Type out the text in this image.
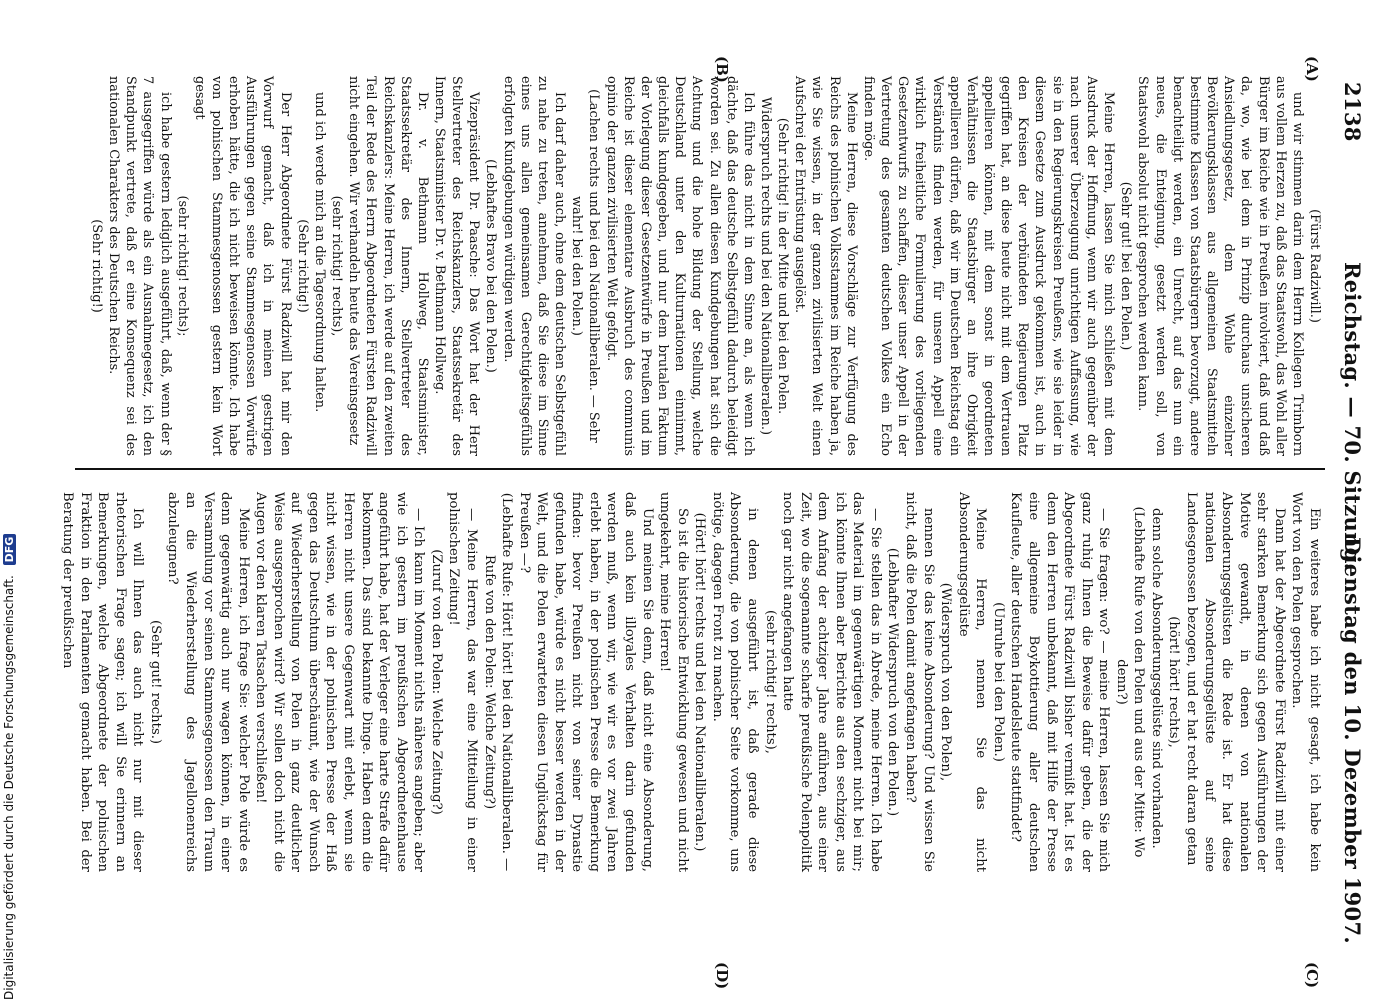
2138
Reichstag. — 70. Sitzung.
Dienstag den 10. Dezember 1907.
(A)
(B)
(C)
(D)

(Fürst Radziwill.)

und wir stimmen darin dem Herrn Kollegen Trimborn aus vollem Herzen zu, daß das Staatswohl, das Wohl aller Bürger im Reiche wie in Preußen involviert, daß und daß da, wo, wie bei dem in Prinzip durchaus unsicheren Ansiedlungsgesetz, dem Wohle einzelner Bevölkerungsklassen aus allgemeinen Staatsmitteln bestimmte Klassen von Staatsbürgern bevorzugt, andere benachteiligt werden, ein Unrecht, auf das nun ein neues, die Enteignung, gesetzt werden soll, von Staatswohl absolut nicht gesprochen werden kann.

(Sehr gut! bei den Polen.)

Meine Herren, lassen Sie mich schließen mit dem Ausdruck der Hoffnung, wenn wir auch gegenüber der nach unserer Überzeugung unrichtigen Auffassung, wie sie in den Regierungskreisen Preußens, wie sie leider in diesem Gesetze zum Ausdruck gekommen ist, auch in den Kreisen der verbündeten Regierungen Platz gegriffen hat, an diese heute nicht mit dem Vertrauen appellieren können, mit dem sonst in geordneten Verhältnissen die Staatsbürger an ihre Obrigkeit appellieren dürfen, daß wir im Deutschen Reichstag ein Verständnis finden werden, für unseren Appell eine wirklich freiheitliche Formulierung des vorliegenden Gesetzentwurfs zu schaffen, dieser unser Appell in der Vertretung des gesamten deutschen Volkes ein Echo finden möge.

Meine Herren, diese Vorschläge zur Verfügung des Reichs des polnischen Volksstammes im Reiche haben ja, wie Sie wissen, in der ganzen zivilisierten Welt einen Aufschrei der Entrüstung ausgelöst.

(Sehr richtig! in der Mitte und bei den Polen. Widerspruch rechts und bei den Nationalliberalen.)

Ich führe das nicht in dem Sinne an, als wenn ich dächte, daß das deutsche Selbstgefühl dadurch beleidigt worden sei. Zu allen diesen Kundgebungen hat sich die Achtung und die hohe Bildung der Stellung, welche Deutschland unter den Kulturnationen einnimmt, gleichfalls kundgegeben, und nur dem brutalen Faktum der Vorlegung dieser Gesetzentwürfe in Preußen und im Reiche ist dieser elementare Ausbruch des communis opinio der ganzen zivilisierten Welt gefolgt.

(Lachen rechts und bei den Nationalliberalen. — Sehr wahr! bei den Polen.)

Ich darf daher auch, ohne dem deutschen Selbstgefühl zu nahe zu treten, annehmen, daß Sie diese im Sinne eines uns allen gemeinsamen Gerechtigkeitsgefühls erfolgten Kundgebungen würdigen werden.

(Lebhaftes Bravo bei den Polen.)

Vizepräsident Dr. Paasche: Das Wort hat der Herr Stellvertreter des Reichskanzlers, Staatssekretär des Innern, Staatsminister Dr. v. Bethmann Hollweg.

Dr. v. Bethmann Hollweg, Staatsminister, Staatssekretär des Innern, Stellvertreter des Reichskanzlers: Meine Herren, ich werde auf den zweiten Teil der Rede des Herrn Abgeordneten Fürsten Radziwill nicht eingehen. Wir verhandeln heute das Vereinsgesetz

(sehr richtig! rechts),

und ich werde mich an die Tagesordnung halten.

(Sehr richtig!)

Der Herr Abgeordnete Fürst Radziwill hat mir den Vorwurf gemacht, daß ich in meinen gestrigen Ausführungen gegen seine Stammesgenossen Vorwürfe erhoben hätte, die ich nicht beweisen könnte. Ich habe von polnischen Stammesgenossen gestern kein Wort gesagt

(sehr richtig! rechts);

ich habe gestern lediglich ausgeführt, daß, wenn der § 7 ausgegriffen würde als ein Ausnahmegesetz, ich den Standpunkt vertrete, daß er eine Konsequenz sei des nationalen Charakters des Deutschen Reichs.

(Sehr richtig!)

Ein weiteres habe ich nicht gesagt, ich habe kein Wort von den Polen gesprochen.

Dann hat der Abgeordnete Fürst Radziwill mit einer sehr starken Bemerkung sich gegen Ausführungen der Motive gewandt, in denen von nationalen Absonderungsgelüsten die Rede ist. Er hat diese nationalen Absonderungsgelüste auf seine Landesgenossen bezogen, und er hat recht daran getan

(hört! hört! rechts),

denn solche Absonderungsgelüste sind vorhanden.

(Lebhafte Rufe von den Polen und aus der Mitte: Wo denn?)

— Sie fragen: wo? — meine Herren, lassen Sie mich ganz ruhig Ihnen die Beweise dafür geben, die der Abgeordnete Fürst Radziwill bisher vermißt hat. Ist es denn den Herren unbekannt, daß mit Hilfe der Presse eine allgemeine Boykottierung aller deutschen Kaufleute, aller deutschen Handelsleute stattfindet?

(Unruhe bei den Polen.)

Meine Herren, nennen Sie das nicht Absonderungsgelüste

(Widerspruch von den Polen),

nennen Sie das keine Absonderung? Und wissen Sie nicht, daß die Polen damit angefangen haben?

(Lebhafter Widerspruch von den Polen.)

— Sie stellen das in Abrede, meine Herren. Ich habe das Material im gegenwärtigen Moment nicht bei mir; ich könnte Ihnen aber Berichte aus den sechziger, aus dem Anfang der achtziger Jahre anführen, aus einer Zeit, wo die sogenannte scharfe preußische Polenpolitik noch gar nicht angefangen hatte

(sehr richtig! rechts),

in denen ausgeführt ist, daß gerade diese Absonderung, die von polnischer Seite vorkomme, uns nötige, dagegen Front zu machen.

(Hört! hört! rechts und bei den Nationalliberalen.)

So ist die historische Entwicklung gewesen und nicht umgekehrt, meine Herren!

Und meinen Sie denn, daß nicht eine Absonderung, daß auch kein illoyales Verhalten darin gefunden werden muß, wenn wir, wie wir es vor zwei Jahren erlebt haben, in der polnischen Presse die Bemerkung finden: bevor Preußen nicht von seiner Dynastie gefunden habe, würde es nicht besser werden in der Welt, und die Polen erwarteten diesen Unglückstag für Preußen —?

(Lebhafte Rufe: Hört! hört! bei den Nationalliberalen. — Rufe von den Polen: Welche Zeitung?)

— Meine Herren, das war eine Mitteilung in einer polnischen Zeitung!

(Zuruf von den Polen: Welche Zeitung?)

— Ich kann im Moment nichts näheres angeben; aber wie ich gestern im preußischen Abgeordnetenhause angeführt habe, hat der Verleger eine harte Strafe dafür bekommen. Das sind bekannte Dinge. Haben denn die Herren nicht unsere Gegenwart mit erlebt, wenn sie nicht wissen, wie in der polnischen Presse der Haß gegen das Deutschtum überschäumt, wie der Wunsch auf Wiederherstellung von Polen in ganz deutlicher Weise ausgesprochen wird? Wir sollen doch nicht die Augen vor den klaren Tatsachen verschließen!

Meine Herren, ich frage Sie: welcher Pole würde es denn gegenwärtig auch nur wagen können, in einer Versammlung vor seinen Stammesgenossen den Traum an die Wiederherstellung des Jagellonenreichs abzuleugnen?

(Sehr gut! rechts.)

Ich will Ihnen das auch nicht nur mit dieser rhetorischen Frage sagen; ich will Sie erinnern an Bemerkungen, welche Abgeordnete der polnischen Fraktion in den Parlamenten gemacht haben. Bei der Beratung der preußischen

Digitalisierung gefördert durch die Deutsche Forschungsgemeinschaft. DFG
